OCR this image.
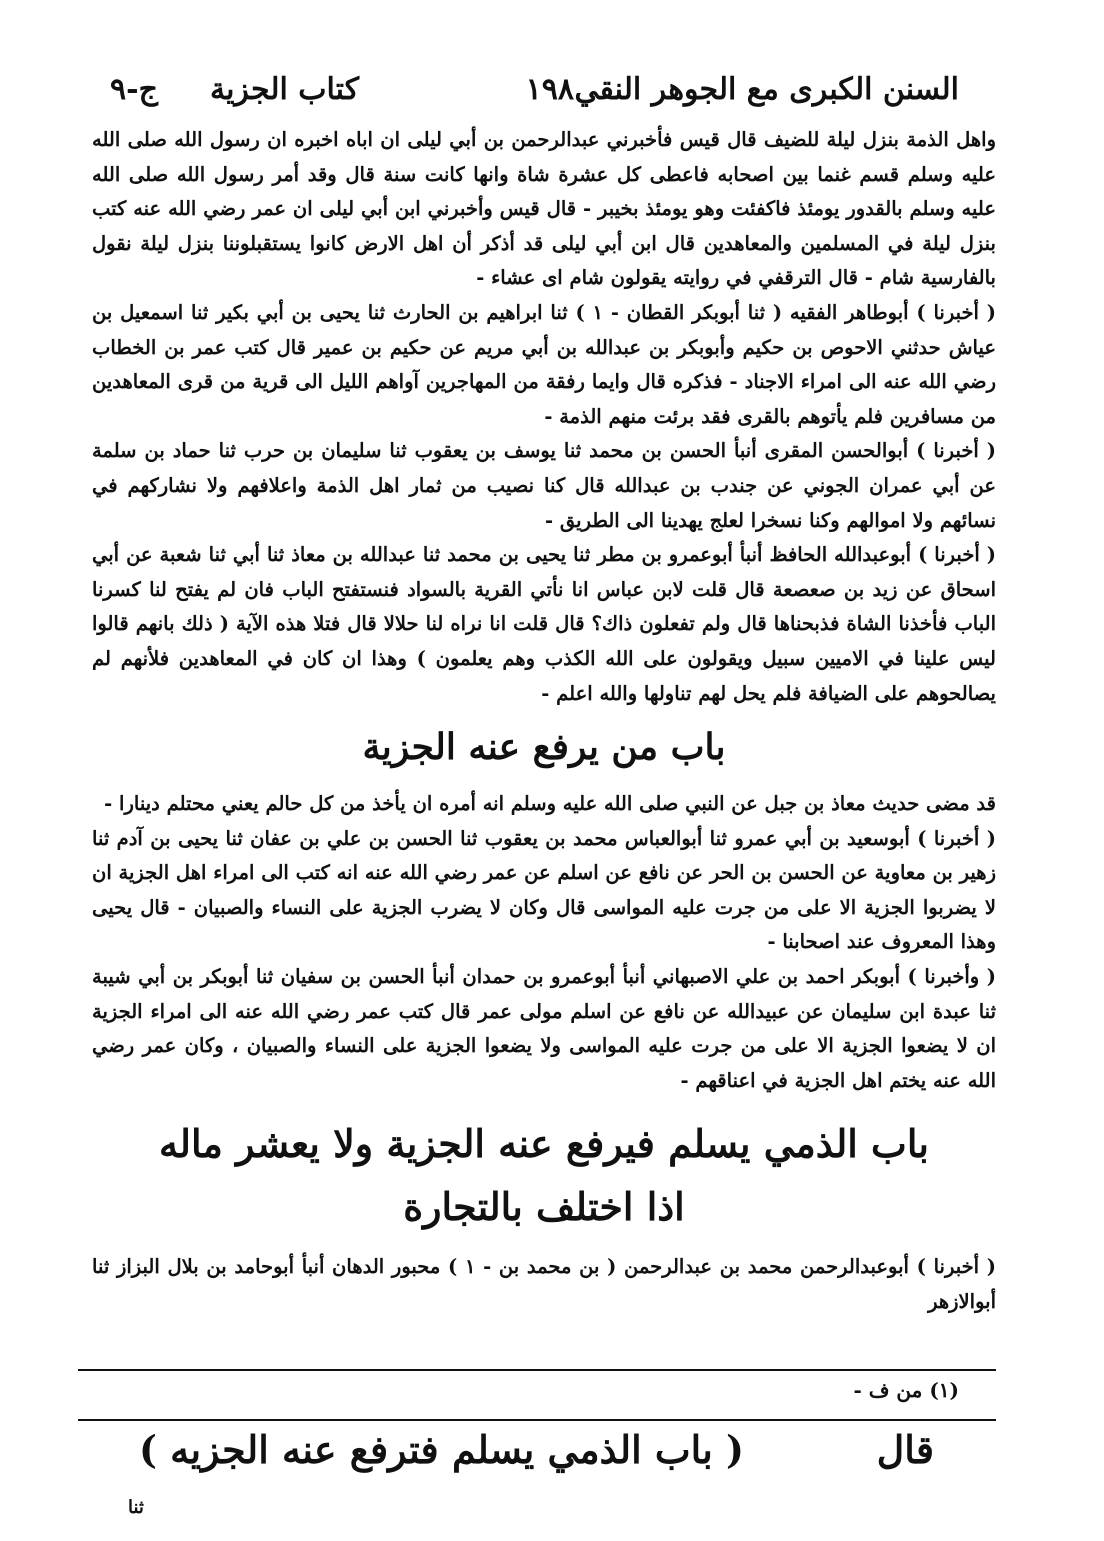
السنن الكبرى مع الجوهر النقي
١٩٨
كتاب الجزية
ج-٩

واهل الذمة بنزل ليلة للضيف قال قيس فأخبرني عبدالرحمن بن أبي ليلى ان اباه اخبره ان رسول الله صلى الله عليه وسلم قسم غنما بين اصحابه فاعطى كل عشرة شاة وانها كانت سنة قال وقد أمر رسول الله صلى الله عليه وسلم بالقدور يومئذ فاكفئت وهو يومئذ بخيبر - قال قيس وأخبرني ابن أبي ليلى ان عمر رضي الله عنه كتب بنزل ليلة في المسلمين والمعاهدين قال ابن أبي ليلى قد أذكر أن اهل الارض كانوا يستقبلوننا بنزل ليلة نقول بالفارسية شام - قال الترقفي في روايته يقولون شام اى عشاء -

( أخبرنا ) أبوطاهر الفقيه ( ثنا أبوبكر القطان - ١ ) ثنا ابراهيم بن الحارث ثنا يحيى بن أبي بكير ثنا اسمعيل بن عياش حدثني الاحوص بن حكيم وأبوبكر بن عبدالله بن أبي مريم عن حكيم بن عمير قال كتب عمر بن الخطاب رضي الله عنه الى امراء الاجناد - فذكره قال وايما رفقة من المهاجرين آواهم الليل الى قرية من قرى المعاهدين من مسافرين فلم يأتوهم بالقرى فقد برئت منهم الذمة -

( أخبرنا ) أبوالحسن المقرى أنبأ الحسن بن محمد ثنا يوسف بن يعقوب ثنا سليمان بن حرب ثنا حماد بن سلمة عن أبي عمران الجوني عن جندب بن عبدالله قال كنا نصيب من ثمار اهل الذمة واعلافهم ولا نشاركهم في نسائهم ولا اموالهم وكنا نسخرا لعلج يهدينا الى الطريق -

( أخبرنا ) أبوعبدالله الحافظ أنبأ أبوعمرو بن مطر ثنا يحيى بن محمد ثنا عبدالله بن معاذ ثنا أبي ثنا شعبة عن أبي اسحاق عن زيد بن صعصعة قال قلت لابن عباس انا نأتي القرية بالسواد فنستفتح الباب فان لم يفتح لنا كسرنا الباب فأخذنا الشاة فذبحناها قال ولم تفعلون ذاك؟ قال قلت انا نراه لنا حلالا قال فتلا هذه الآية ( ذلك بانهم قالوا ليس علينا في الاميين سبيل ويقولون على الله الكذب وهم يعلمون ) وهذا ان كان في المعاهدين فلأنهم لم يصالحوهم على الضيافة فلم يحل لهم تناولها والله اعلم -

باب من يرفع عنه الجزية

قد مضى حديث معاذ بن جبل عن النبي صلى الله عليه وسلم انه أمره ان يأخذ من كل حالم يعني محتلم دينارا -

( أخبرنا ) أبوسعيد بن أبي عمرو ثنا أبوالعباس محمد بن يعقوب ثنا الحسن بن علي بن عفان ثنا يحيى بن آدم ثنا زهير بن معاوية عن الحسن بن الحر عن نافع عن اسلم عن عمر رضي الله عنه انه كتب الى امراء اهل الجزية ان لا يضربوا الجزية الا على من جرت عليه المواسى قال وكان لا يضرب الجزية على النساء والصبيان - قال يحيى وهذا المعروف عند اصحابنا -

( وأخبرنا ) أبوبكر احمد بن علي الاصبهاني أنبأ أبوعمرو بن حمدان أنبأ الحسن بن سفيان ثنا أبوبكر بن أبي شيبة ثنا عبدة ابن سليمان عن عبيدالله عن نافع عن اسلم مولى عمر قال كتب عمر رضي الله عنه الى امراء الجزية ان لا يضعوا الجزية الا على من جرت عليه المواسى ولا يضعوا الجزية على النساء والصبيان ، وكان عمر رضي الله عنه يختم اهل الجزية في اعناقهم -

باب الذمي يسلم فيرفع عنه الجزية ولا يعشر ماله
اذا اختلف بالتجارة

( أخبرنا ) أبوعبدالرحمن محمد بن عبدالرحمن ( بن محمد بن - ١ ) محبور الدهان أنبأ أبوحامد بن بلال البزاز ثنا أبوالازهر

(١) من ف -
قال
( باب الذمي يسلم فترفع عنه الجزيه )
ثنا
